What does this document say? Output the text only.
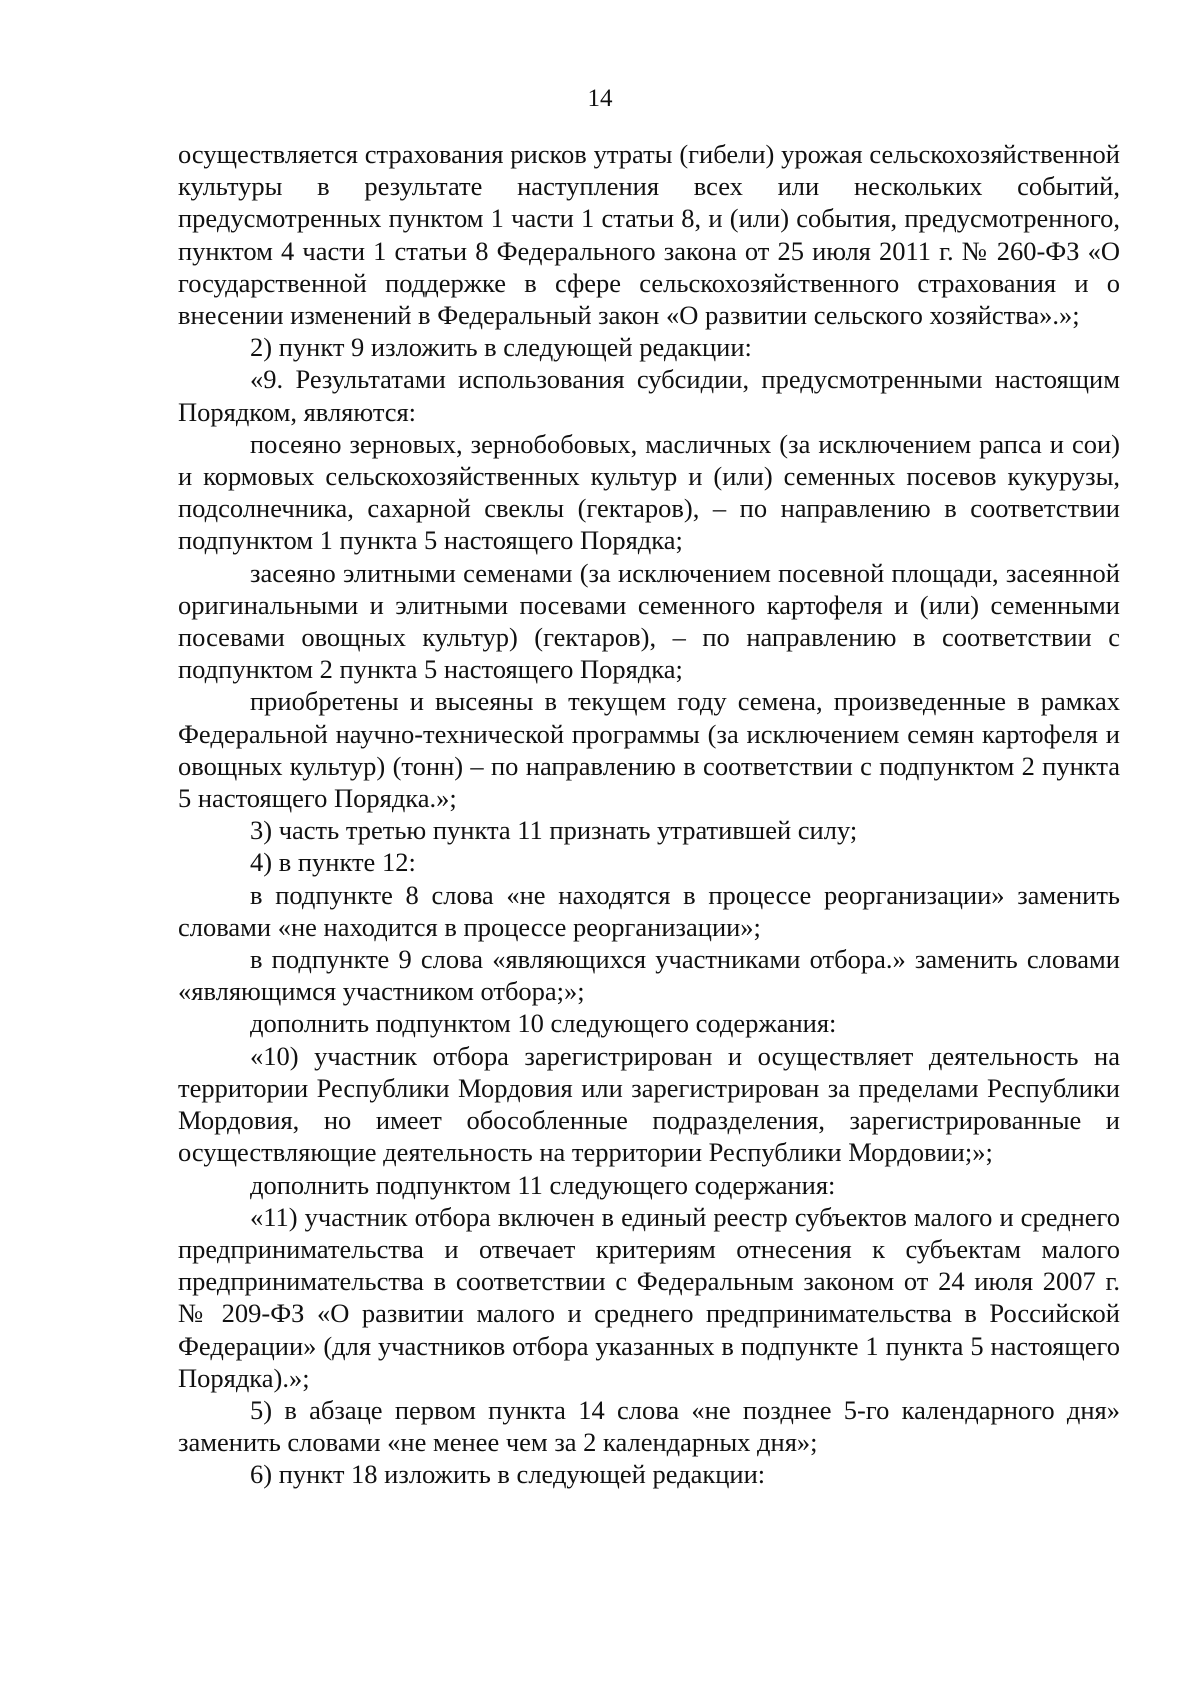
14

осуществляется страхования рисков утраты (гибели) урожая сельскохозяйственной культуры в результате наступления всех или нескольких событий, предусмотренных пунктом 1 части 1 статьи 8, и (или) события, предусмотренного, пунктом 4 части 1 статьи 8 Федерального закона от 25 июля 2011 г. № 260-ФЗ «О государственной поддержке в сфере сельскохозяйственного страхования и о внесении изменений в Федеральный закон «О развитии сельского хозяйства».»;

2) пункт 9 изложить в следующей редакции:

«9. Результатами использования субсидии, предусмотренными настоящим Порядком, являются:

посеяно зерновых, зернобобовых, масличных (за исключением рапса и сои) и кормовых сельскохозяйственных культур и (или) семенных посевов кукурузы, подсолнечника, сахарной свеклы (гектаров), – по направлению в соответствии подпунктом 1 пункта 5 настоящего Порядка;

засеяно элитными семенами (за исключением посевной площади, засеянной оригинальными и элитными посевами семенного картофеля и (или) семенными посевами овощных культур) (гектаров), – по направлению в соответствии с подпунктом 2 пункта 5 настоящего Порядка;

приобретены и высеяны в текущем году семена, произведенные в рамках Федеральной научно-технической программы (за исключением семян картофеля и овощных культур) (тонн) – по направлению в соответствии с подпунктом 2 пункта 5 настоящего Порядка.»;

3) часть третью пункта 11 признать утратившей силу;

4) в пункте 12:

в подпункте 8 слова «не находятся в процессе реорганизации» заменить словами «не находится в процессе реорганизации»;

в подпункте 9 слова «являющихся участниками отбора.» заменить словами «являющимся участником отбора;»;

дополнить подпунктом 10 следующего содержания:

«10) участник отбора зарегистрирован и осуществляет деятельность на территории Республики Мордовия или зарегистрирован за пределами Республики Мордовия, но имеет обособленные подразделения, зарегистрированные и осуществляющие деятельность на территории Республики Мордовии;»;

дополнить подпунктом 11 следующего содержания:

«11) участник отбора включен в единый реестр субъектов малого и среднего предпринимательства и отвечает критериям отнесения к субъектам малого предпринимательства в соответствии с Федеральным законом от 24 июля 2007 г. № 209-ФЗ «О развитии малого и среднего предпринимательства в Российской Федерации» (для участников отбора указанных в подпункте 1 пункта 5 настоящего Порядка).»;

5) в абзаце первом пункта 14 слова «не позднее 5-го календарного дня» заменить словами «не менее чем за 2 календарных дня»;

6) пункт 18 изложить в следующей редакции:
